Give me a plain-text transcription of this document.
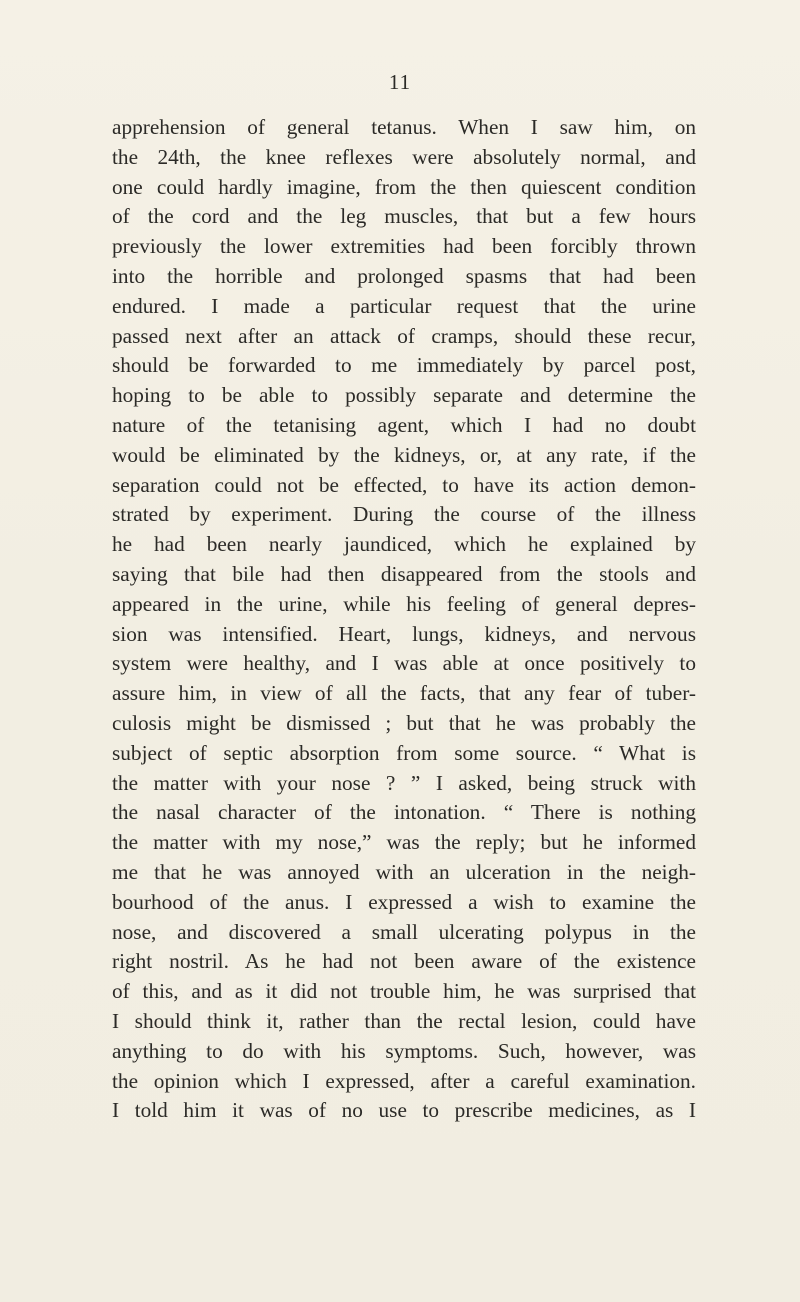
11
apprehension of general tetanus. When I saw him, on
the 24th, the knee reflexes were absolutely normal, and
one could hardly imagine, from the then quiescent condition
of the cord and the leg muscles, that but a few hours
previously the lower extremities had been forcibly thrown
into the horrible and prolonged spasms that had been
endured. I made a particular request that the urine
passed next after an attack of cramps, should these recur,
should be forwarded to me immediately by parcel post,
hoping to be able to possibly separate and determine the
nature of the tetanising agent, which I had no doubt
would be eliminated by the kidneys, or, at any rate, if the
separation could not be effected, to have its action demon-
strated by experiment. During the course of the illness
he had been nearly jaundiced, which he explained by
saying that bile had then disappeared from the stools and
appeared in the urine, while his feeling of general depres-
sion was intensified. Heart, lungs, kidneys, and nervous
system were healthy, and I was able at once positively to
assure him, in view of all the facts, that any fear of tuber-
culosis might be dismissed ; but that he was probably the
subject of septic absorption from some source. “ What is
the matter with your nose ? ” I asked, being struck with
the nasal character of the intonation. “ There is nothing
the matter with my nose,” was the reply; but he informed
me that he was annoyed with an ulceration in the neigh-
bourhood of the anus. I expressed a wish to examine the
nose, and discovered a small ulcerating polypus in the
right nostril. As he had not been aware of the existence
of this, and as it did not trouble him, he was surprised that
I should think it, rather than the rectal lesion, could have
anything to do with his symptoms. Such, however, was
the opinion which I expressed, after a careful examination.
I told him it was of no use to prescribe medicines, as I
